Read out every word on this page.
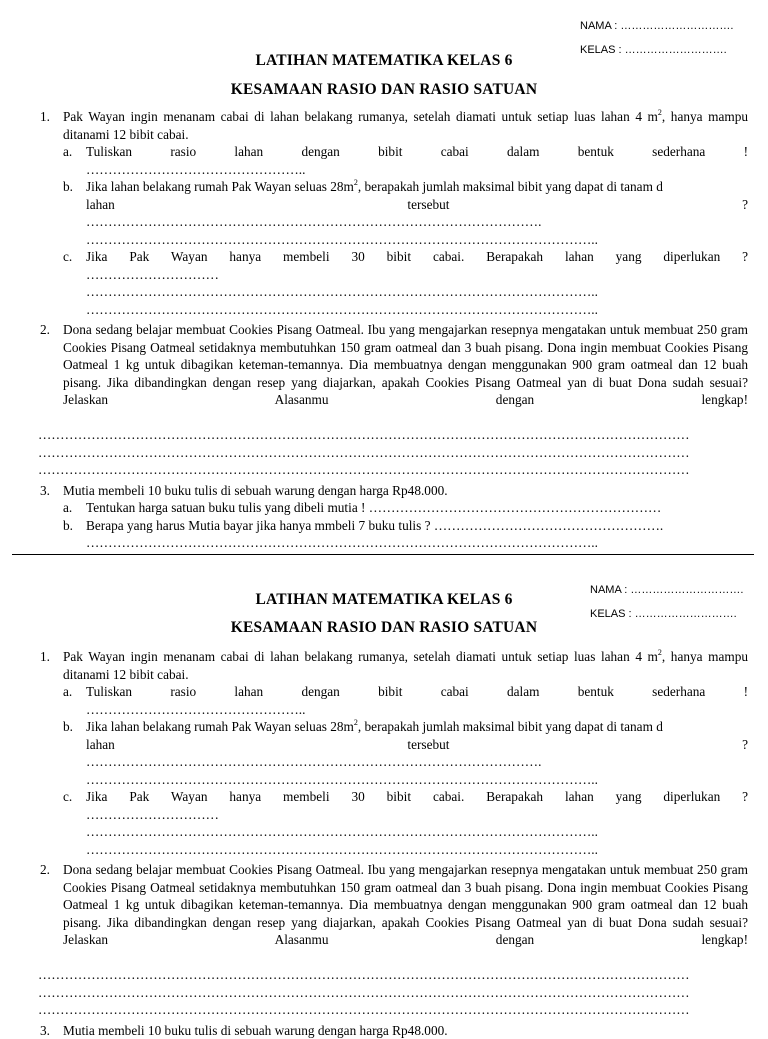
NAMA : ………………………….
KELAS : ……………………….
LATIHAN MATEMATIKA KELAS 6
KESAMAAN RASIO DAN RASIO SATUAN
1. Pak Wayan ingin menanam cabai di lahan belakang rumanya, setelah diamati untuk setiap luas lahan 4 $m^2$, hanya mampu ditanami 12 bibit cabai.
a. Tuliskan	rasio	lahan	dengan	bibit	cabai	dalam	bentuk	sederhana	!
…………………………………………..
b. Jika lahan belakang rumah Pak Wayan seluas $28m^2$, berapakah jumlah maksimal bibit yang dapat di tanam d
lahan	tersebut	?
………………………………………………………………………………………….
……………………………………………………………………………………………………..
c. Jika Pak Wayan hanya membeli 30 bibit cabai. Berapakah lahan yang diperlukan ?
…………………………
……………………………………………………………………………………………………..
……………………………………………………………………………………………………..
2. Dona sedang belajar membuat Cookies Pisang Oatmeal. Ibu yang mengajarkan resepnya mengatakan untuk membuat 250 gram Cookies Pisang Oatmeal setidaknya membutuhkan 150 gram oatmeal dan 3 buah pisang. Dona ingin membuat Cookies Pisang Oatmeal 1 kg untuk dibagikan keteman-temannya. Dia membuatnya dengan menggunakan 900 gram oatmeal dan 12 buah pisang. Jika dibandingkan dengan resep yang diajarkan, apakah Cookies Pisang Oatmeal yan di buat Dona sudah sesuai? Jelaskan Alasanmu dengan lengkap!
…………………………………………………………………………………………………………………………………
…………………………………………………………………………………………………………………………………
…………………………………………………………………………………………………………………………………
3. Mutia membeli 10 buku tulis di sebuah warung dengan harga Rp48.000.
a. Tentukan harga satuan buku tulis yang dibeli mutia ! …………………………………………………………
b. Berapa yang harus Mutia bayar jika hanya mmbeli 7 buku tulis ? …………………………………………….
……………………………………………………………………………………………………..
NAMA : ………………………….
KELAS : ……………………….
LATIHAN MATEMATIKA KELAS 6
KESAMAAN RASIO DAN RASIO SATUAN
1. Pak Wayan ingin menanam cabai di lahan belakang rumanya, setelah diamati untuk setiap luas lahan 4 $m^2$, hanya mampu ditanami 12 bibit cabai.
a. Tuliskan	rasio	lahan	dengan	bibit	cabai	dalam	bentuk	sederhana	!
…………………………………………..
b. Jika lahan belakang rumah Pak Wayan seluas $28m^2$, berapakah jumlah maksimal bibit yang dapat di tanam d
lahan	tersebut	?
………………………………………………………………………………………….
……………………………………………………………………………………………………..
c. Jika Pak Wayan hanya membeli 30 bibit cabai. Berapakah lahan yang diperlukan ?
…………………………
……………………………………………………………………………………………………..
……………………………………………………………………………………………………..
2. Dona sedang belajar membuat Cookies Pisang Oatmeal. Ibu yang mengajarkan resepnya mengatakan untuk membuat 250 gram Cookies Pisang Oatmeal setidaknya membutuhkan 150 gram oatmeal dan 3 buah pisang. Dona ingin membuat Cookies Pisang Oatmeal 1 kg untuk dibagikan keteman-temannya. Dia membuatnya dengan menggunakan 900 gram oatmeal dan 12 buah pisang. Jika dibandingkan dengan resep yang diajarkan, apakah Cookies Pisang Oatmeal yan di buat Dona sudah sesuai? Jelaskan Alasanmu dengan lengkap!
…………………………………………………………………………………………………………………………………
…………………………………………………………………………………………………………………………………
…………………………………………………………………………………………………………………………………
3. Mutia membeli 10 buku tulis di sebuah warung dengan harga Rp48.000.
